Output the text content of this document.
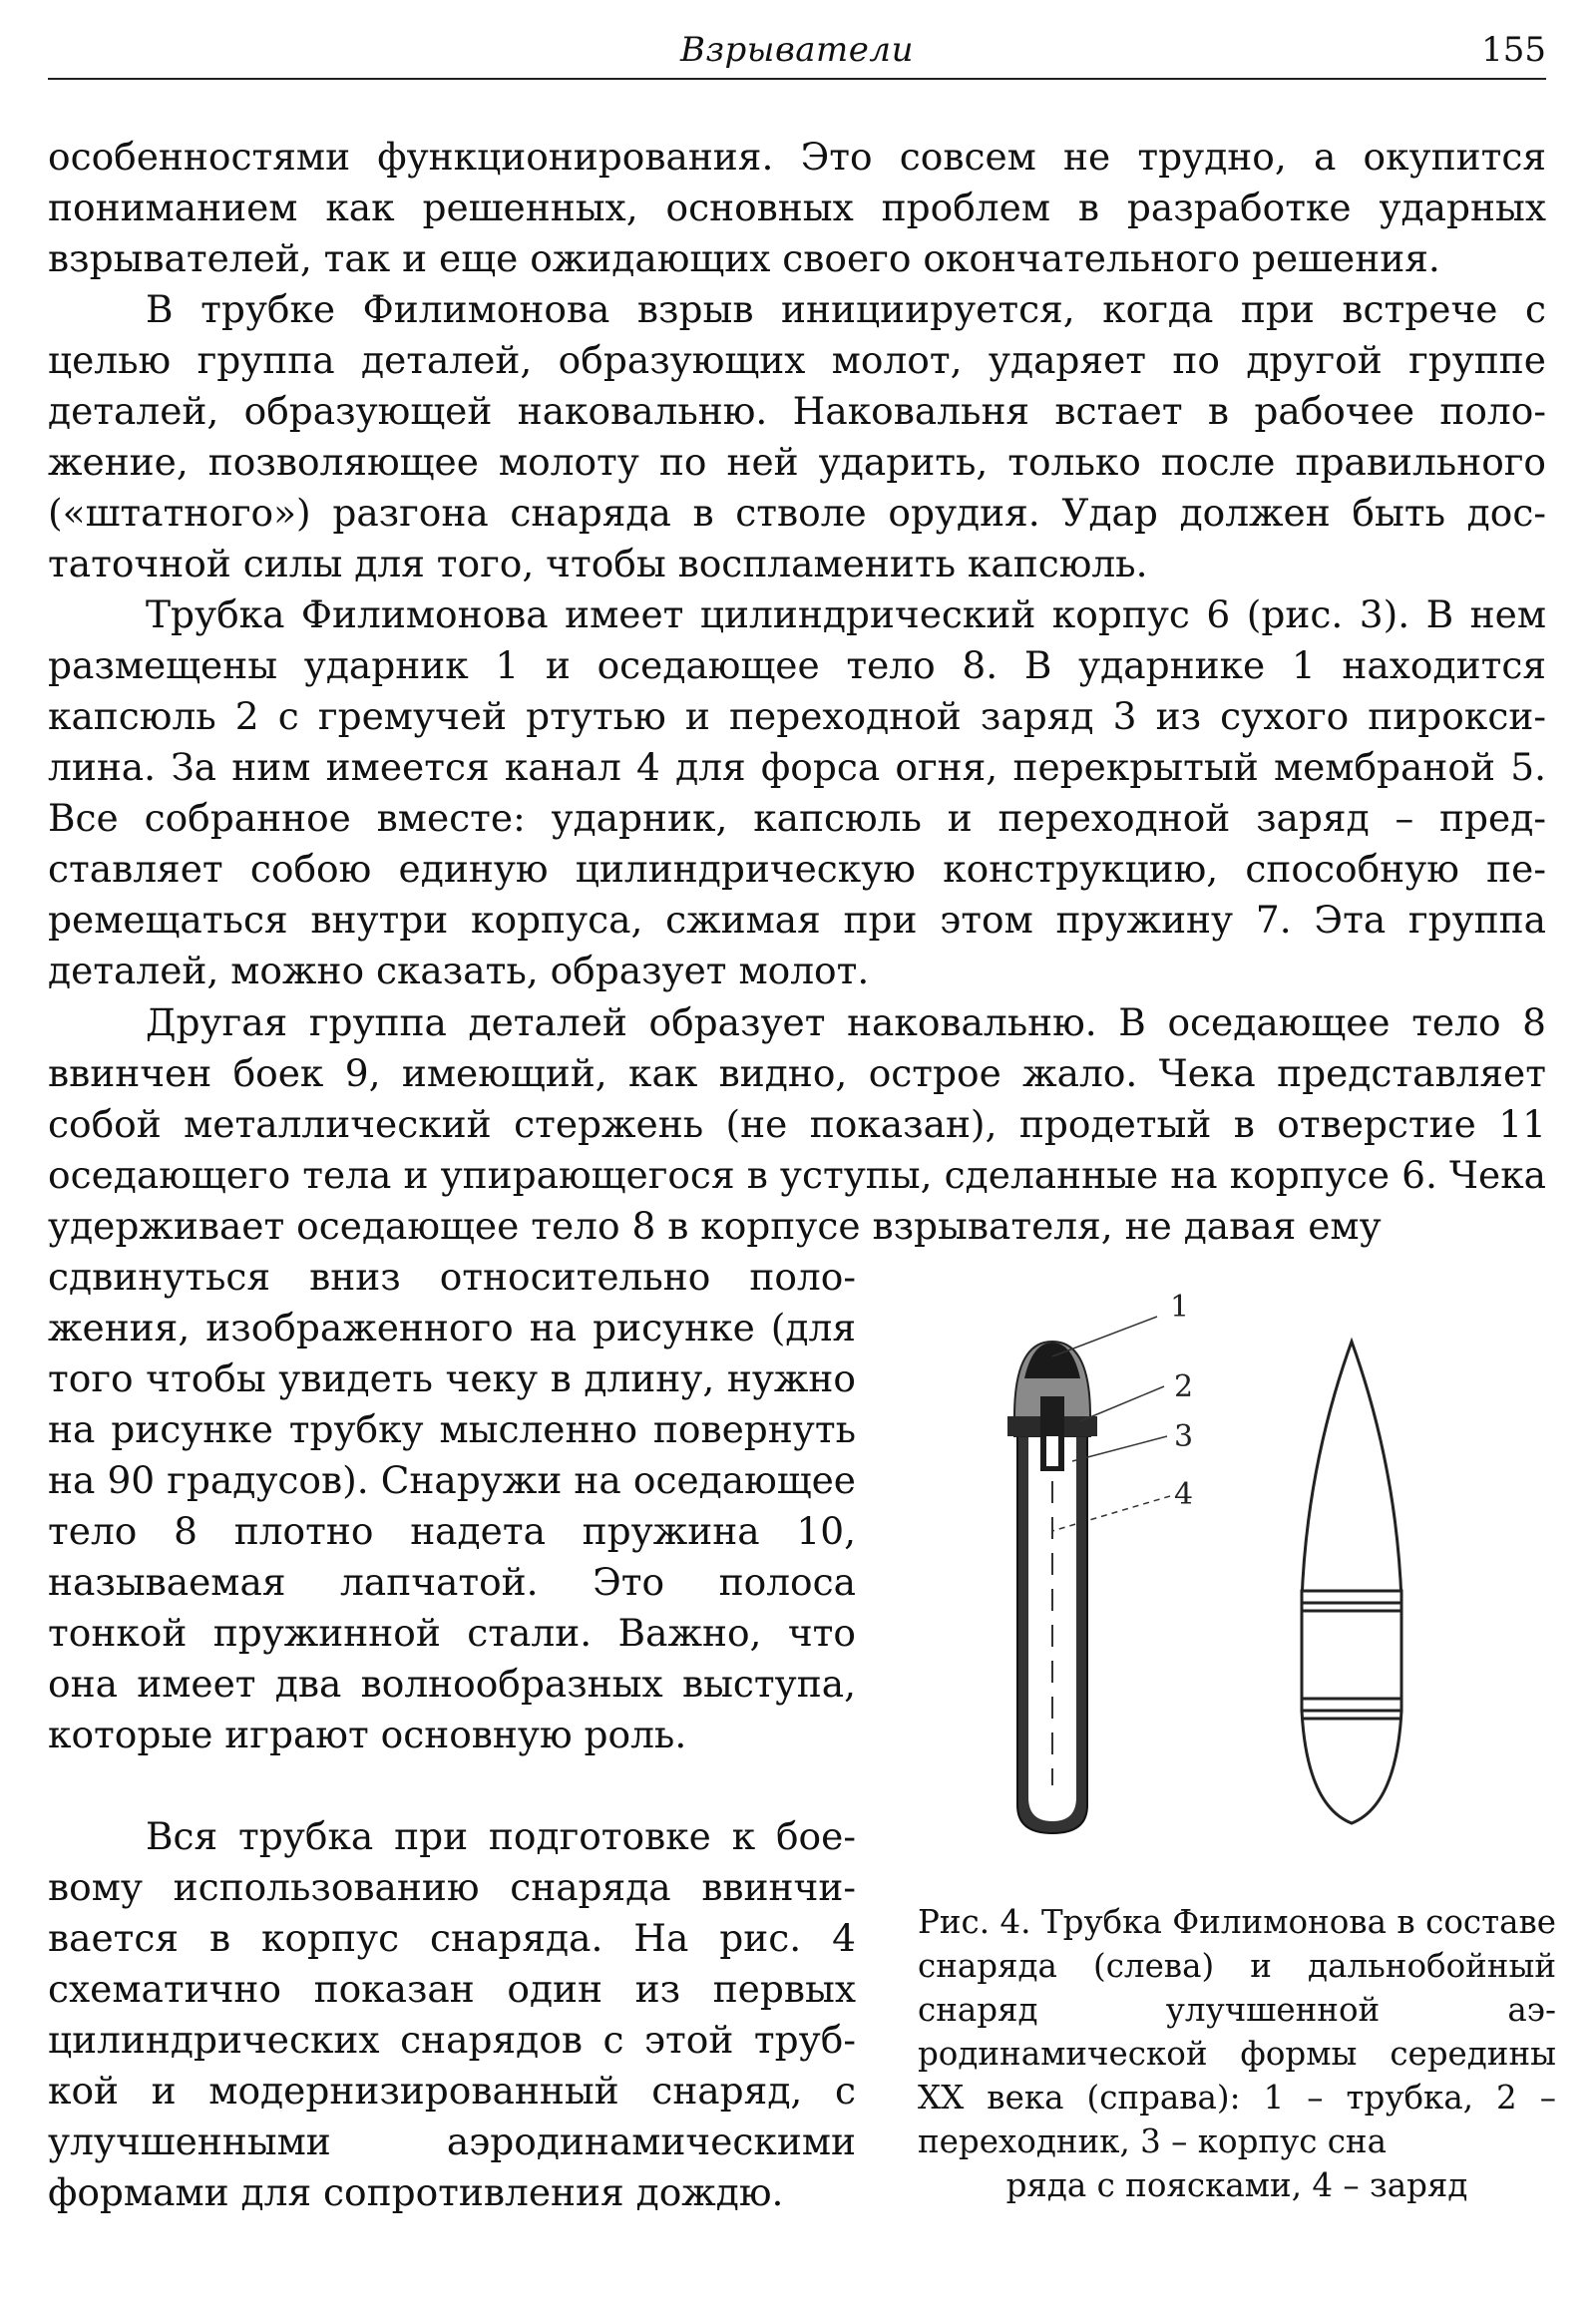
Взрыватели	155

особенностями функционирования. Это совсем не трудно, а окупится пониманием как решенных, основных проблем в разработке ударных взрывателей, так и еще ожидающих своего окончательного решения.

В трубке Филимонова взрыв инициируется, когда при встрече с целью группа деталей, образующих молот, ударяет по другой группе деталей, образующей наковальню. Наковальня встает в рабочее положение, позволяющее молоту по ней ударить, только после правильного («штатного») разгона снаряда в стволе орудия. Удар должен быть достаточной силы для того, чтобы воспламенить капсюль.

Трубка Филимонова имеет цилиндрический корпус 6 (рис. 3). В нем размещены ударник 1 и оседающее тело 8. В ударнике 1 находится капсюль 2 с гремучей ртутью и переходной заряд 3 из сухого пироксилина. За ним имеется канал 4 для форса огня, перекрытый мембраной 5. Все собранное вместе: ударник, капсюль и переходной заряд – представляет собою единую цилиндрическую конструкцию, способную перемещаться внутри корпуса, сжимая при этом пружину 7. Эта группа деталей, можно сказать, образует молот.

Другая группа деталей образует наковальню. В оседающее тело 8 ввинчен боек 9, имеющий, как видно, острое жало. Чека представляет собой металлический стержень (не показан), продетый в отверстие 11 оседающего тела и упирающегося в уступы, сделанные на корпусе 6. Чека удерживает оседающее тело 8 в корпусе взрывателя, не давая ему

сдвинуться вниз относительно положения, изображенного на рисунке (для того чтобы увидеть чеку в длину, нужно на рисунке трубку мысленно повернуть на 90 градусов). Снаружи на оседающее тело 8 плотно надета пружина 10, называемая лапчатой. Это полоса тонкой пружинной стали. Важно, что она имеет два волнообразных выступа, которые играют основную роль.

Вся трубка при подготовке к боевому использованию снаряда ввинчивается в корпус снаряда. На рис. 4 схематично показан один из первых цилиндрических снарядов с этой трубкой и модернизированный снаряд, с улучшенными аэродинамическими формами для сопротивления дождю.

1
2
3
4

Рис. 4. Трубка Филимонова в составе снаряда (слева) и дальнобойный снаряд улучшенной аэродинамической формы середины XX века (справа): 1 – трубка, 2 – переходник, 3 – корпус сна
ряда с поясками, 4 – заряд
